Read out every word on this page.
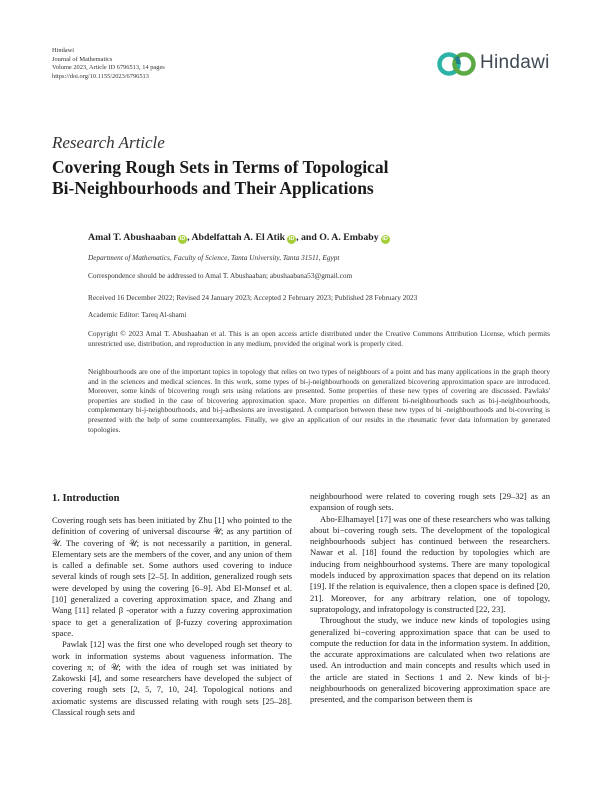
Hindawi
Journal of Mathematics
Volume 2023, Article ID 6796513, 14 pages
https://doi.org/10.1155/2023/6796513
Hindawi
Research Article
Covering Rough Sets in Terms of Topological
Bi-Neighbourhoods and Their Applications
Amal T. Abushaaban iD , Abdelfattah A. El Atik iD , and O. A. Embaby iD
Department of Mathematics, Faculty of Science, Tanta University, Tanta 31511, Egypt
Correspondence should be addressed to Amal T. Abushaaban; abushaabana53@gmail.com
Received 16 December 2022; Revised 24 January 2023; Accepted 2 February 2023; Published 28 February 2023
Academic Editor: Tareq Al-shami
Copyright © 2023 Amal T. Abushaaban et al. This is an open access article distributed under the Creative Commons Attribution License, which permits unrestricted use, distribution, and reproduction in any medium, provided the original work is properly cited.
Neighbourhoods are one of the important topics in topology that relies on two types of neighbours of a point and has many applications in the graph theory and in the sciences and medical sciences. In this work, some types of bi-j-neighbourhoods on generalized bicovering approximation space are introduced. Moreover, some kinds of bicovering rough sets using relations are presented. Some properties of these new types of covering are discussed. Pawlaks' properties are studied in the case of bicovering approximation space. More properties on different bi-neighbourhoods such as bi-j-neighbourhoods, complementary bi-j-neighbourhoods, and bi-j-adhesions are investigated. A comparison between these new types of bi -neighbourhoods and bi-covering is presented with the help of some counterexamples. Finally, we give an application of our results in the rheumatic fever data information by generated topologies.
1. Introduction

Covering rough sets has been initiated by Zhu [1] who pointed to the definition of covering of universal discourse 𝒰; as any partition of 𝒰. The covering of 𝒰; is not necessarily a partition, in general. Elementary sets are the members of the cover, and any union of them is called a definable set. Some authors used covering to induce several kinds of rough sets [2–5]. In addition, generalized rough sets were developed by using the covering [6–9]. Abd El-Monsef et al. [10] generalized a covering approximation space, and Zhang and Wang [11] related β -operator with a fuzzy covering approximation space to get a generalization of β-fuzzy covering approximation space.

Pawlak [12] was the first one who developed rough set theory to work in information systems about vagueness information. The covering π; of 𝒰; with the idea of rough set was initiated by Zakowski [4], and some researchers have developed the subject of covering rough sets [2, 5, 7, 10, 24]. Topological notions and axiomatic systems are discussed relating with rough sets [25–28]. Classical rough sets and

neighbourhood were related to covering rough sets [29–32] as an expansion of rough sets.

Abo-Elhamayel [17] was one of these researchers who was talking about bi−covering rough sets. The development of the topological neighbourhoods subject has continued between the researchers. Nawar et al. [18] found the reduction by topologies which are inducing from neighbourhood systems. There are many topological models induced by approximation spaces that depend on its relation [19]. If the relation is equivalence, then a clopen space is defined [20, 21]. Moreover, for any arbitrary relation, one of topology, supratopology, and infratopology is constructed [22, 23].

Throughout the study, we induce new kinds of topologies using generalized bi−covering approximation space that can be used to compute the reduction for data in the information system. In addition, the accurate approximations are calculated when two relations are used. An introduction and main concepts and results which used in the article are stated in Sections 1 and 2. New kinds of bi-j-neighbourhoods on generalized bicovering approximation space are presented, and the comparison between them is
